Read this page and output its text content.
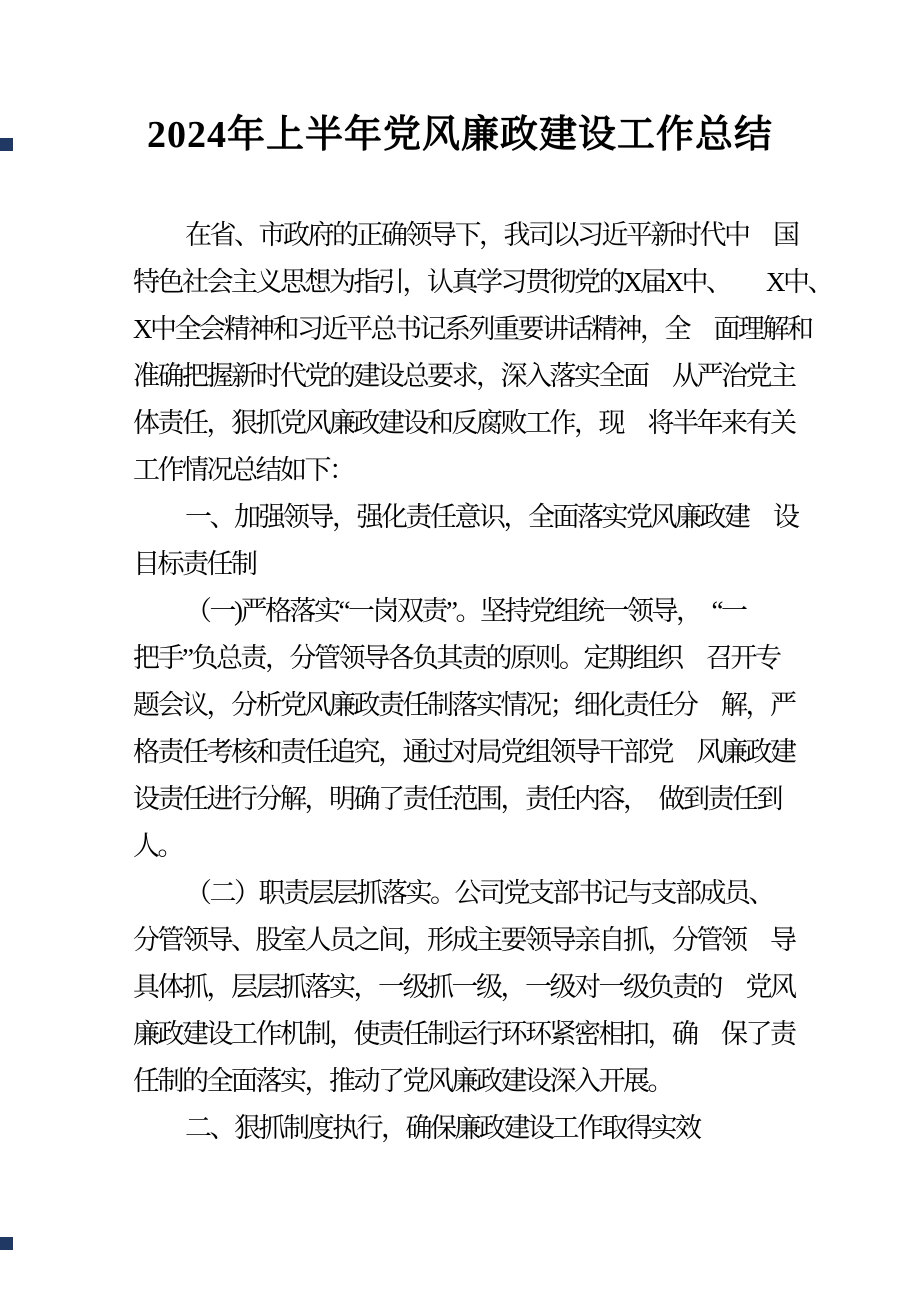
2024年上半年党风廉政建设工作总结
在省、市政府的正确领导下，我司以习近平新时代中　国
特色社会主义思想为指引，认真学习贯彻党的X届X中、　　X中、
X中全会精神和习近平总书记系列重要讲话精神，全　面理解和
准确把握新时代党的建设总要求，深入落实全面　从严治党主
体责任，狠抓党风廉政建设和反腐败工作，现　将半年来有关
工作情况总结如下：
一、加强领导，强化责任意识，全面落实党风廉政建　设
目标责任制
（一)严格落实“一岗双责”。坚持党组统一领导，　“一
把手”负总责，分管领导各负其责的原则。定期组织　召开专
题会议，分析党风廉政责任制落实情况；细化责任分　解，严
格责任考核和责任追究，通过对局党组领导干部党　风廉政建
设责任进行分解，明确了责任范围，责任内容，　做到责任到
人。
（二）职责层层抓落实。公司党支部书记与支部成员、
分管领导、股室人员之间，形成主要领导亲自抓，分管领　导
具体抓，层层抓落实，一级抓一级，一级对一级负责的　党风
廉政建设工作机制，使责任制运行环环紧密相扣，确　保了责
任制的全面落实，推动了党风廉政建设深入开展。
二、狠抓制度执行，确保廉政建设工作取得实效
